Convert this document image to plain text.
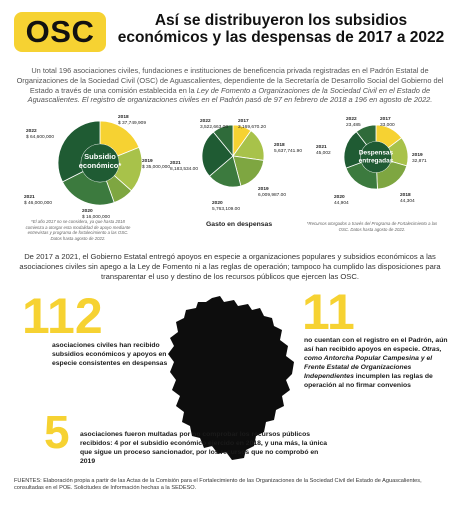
OSC	Así se distribuyeron los subsidios económicos y las despensas de 2017 a 2022
Un total 196 asociaciones civiles, fundaciones e instituciones de beneficencia privada registradas en el Padrón Estatal de Organizaciones de la Sociedad Civil (OSC) de Aguascalientes, dependiente de la Secretaría de Desarrollo Social del Gobierno del Estado a través de una comisión establecida en la Ley de Fomento a Organizaciones de la Sociedad Civil en el Estado de Aguascalientes. El registro de organizaciones civiles en el Padrón pasó de 97 en febrero de 2018 a 196 en agosto de 2022.
Subsidio económico*
2018
$ 37,749,909
2019
$ 35,000,000
2020
$ 16,000,000
2021
$ 46,000,000
2022
$ 64,600,000
2017
3,169,670.20
2018
5,637,741.90
2019
6,009,987.00
2020
5,763,109.00
2021
8,183,534.00
2022
3,522,663.00
Gasto en despensas
Despensas entregadas
2017
33,000
2019
32,871
2018
44,304
2020
44,904
2021
45,002
2022
23,485
*El año 2017 no se considera, ya que hasta 2018 comienza a otorgar esta modalidad de apoyo mediante entrevistas y programa de fortalecimiento a las OSC. Datos hasta agosto de 2022.
*Recursos otorgados a través del Programa de Fortalecimiento a las OSC. Datos hasta agosto de 2022.
De 2017 a 2021, el Gobierno Estatal entregó apoyos en especie a organizaciones populares y subsidios económicos a las asociaciones civiles sin apego a la Ley de Fomento ni a las reglas de operación; tampoco ha cumplido las disposiciones para transparentar el uso y destino de los recursos públicos que ejercen las OSC.
112
asociaciones civiles han recibido subsidios económicos y apoyos en especie consistentes en despensas
11
no cuentan con el registro en el Padrón, aún así han recibido apoyos en especie. Otras, como Antorcha Popular Campesina y el Frente Estatal de Organizaciones Independientes incumplen las reglas de operación al no firmar convenios
5 asociaciones fueron multadas por no comprobar los recursos públicos recibidos: 4 por el subsidio económico ejercido en 2018, y una más, la única que sigue un proceso sancionador, por los recursos que no comprobó en 2019
FUENTES: Elaboración propia a partir de las Actas de la Comisión para el Fortalecimiento de las Organizaciones de la Sociedad Civil del Estado de Aguascalientes, consultadas en el POE. Solicitudes de Información hechas a la SEDESO.
